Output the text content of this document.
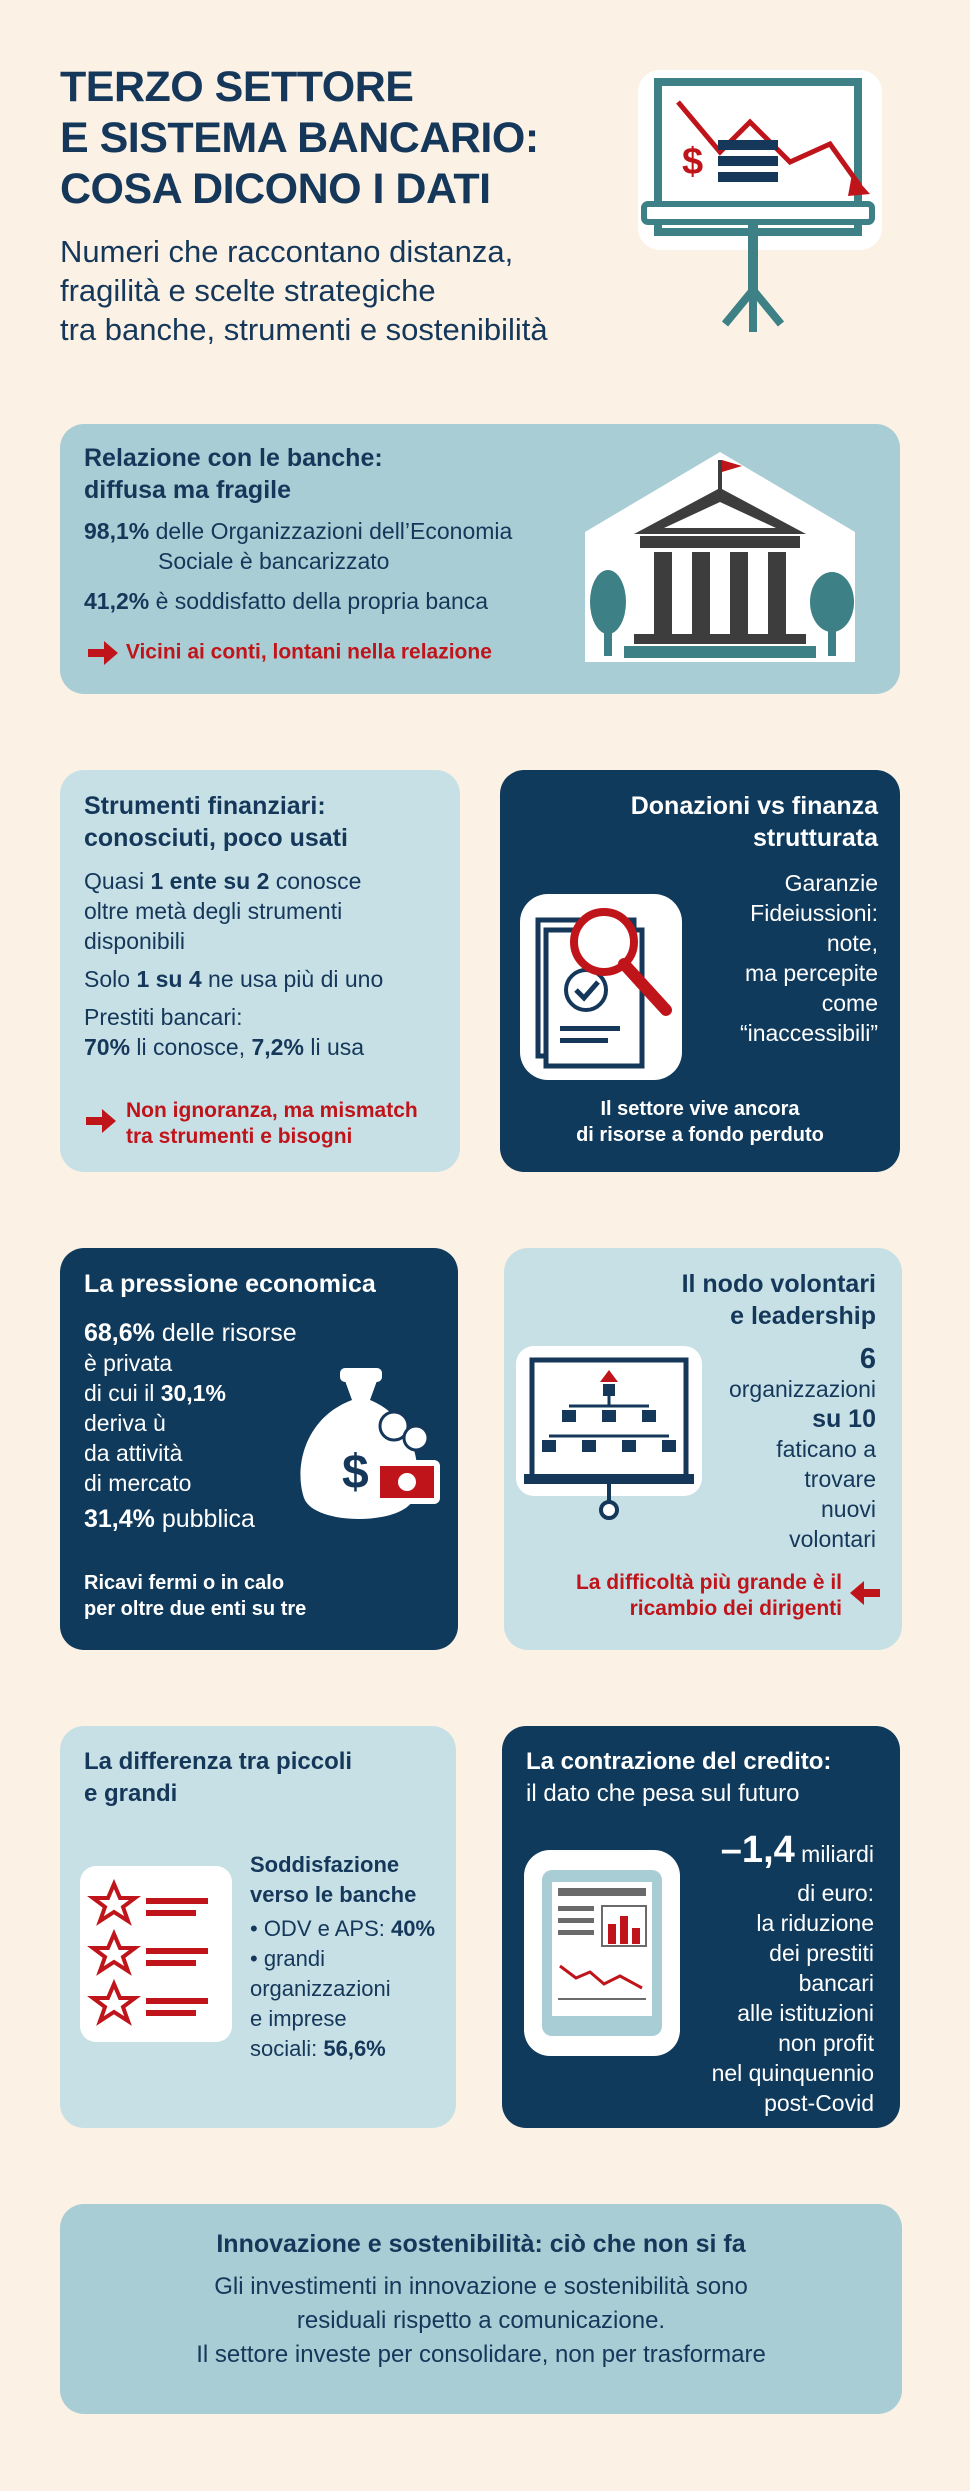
TERZO SETTORE
E SISTEMA BANCARIO:
COSA DICONO I DATI
Numeri che raccontano distanza,
fragilità e scelte strategiche
tra banche, strumenti e sostenibilità
$
Relazione con le banche:
diffusa ma fragile
98,1% delle Organizzazioni dell’Economia
Sociale è bancarizzato
41,2% è soddisfatto della propria banca
Vicini ai conti, lontani nella relazione
Strumenti finanziari:
conosciuti, poco usati
Quasi 1 ente su 2 conosce
oltre metà degli strumenti
disponibili
Solo 1 su 4 ne usa più di uno
Prestiti bancari:
70% li conosce, 7,2% li usa
Non ignoranza, ma mismatch
tra strumenti e bisogni
Donazioni vs finanza
strutturata
Garanzie
Fideiussioni:
note,
ma percepite
come
“inaccessibili”
Il settore vive ancora
di risorse a fondo perduto
La pressione economica
68,6% delle risorse
è privata
di cui il 30,1%
deriva ù
da attività
di mercato
31,4% pubblica
$
Ricavi fermi o in calo
per oltre due enti su tre
Il nodo volontari
e leadership
6
organizzazioni
su 10
faticano a
trovare
nuovi
volontari
La difficoltà più grande è il
ricambio dei dirigenti
La differenza tra piccoli
e grandi
Soddisfazione
verso le banche
• ODV e APS: 40%
• grandi
organizzazioni
e imprese
sociali: 56,6%
La contrazione del credito:
il dato che pesa sul futuro
–1,4 miliardi
di euro:
la riduzione
dei prestiti
bancari
alle istituzioni
non profit
nel quinquennio
post-Covid
Innovazione e sostenibilità: ciò che non si fa
Gli investimenti in innovazione e sostenibilità sono
residuali rispetto a comunicazione.
Il settore investe per consolidare, non per trasformare
